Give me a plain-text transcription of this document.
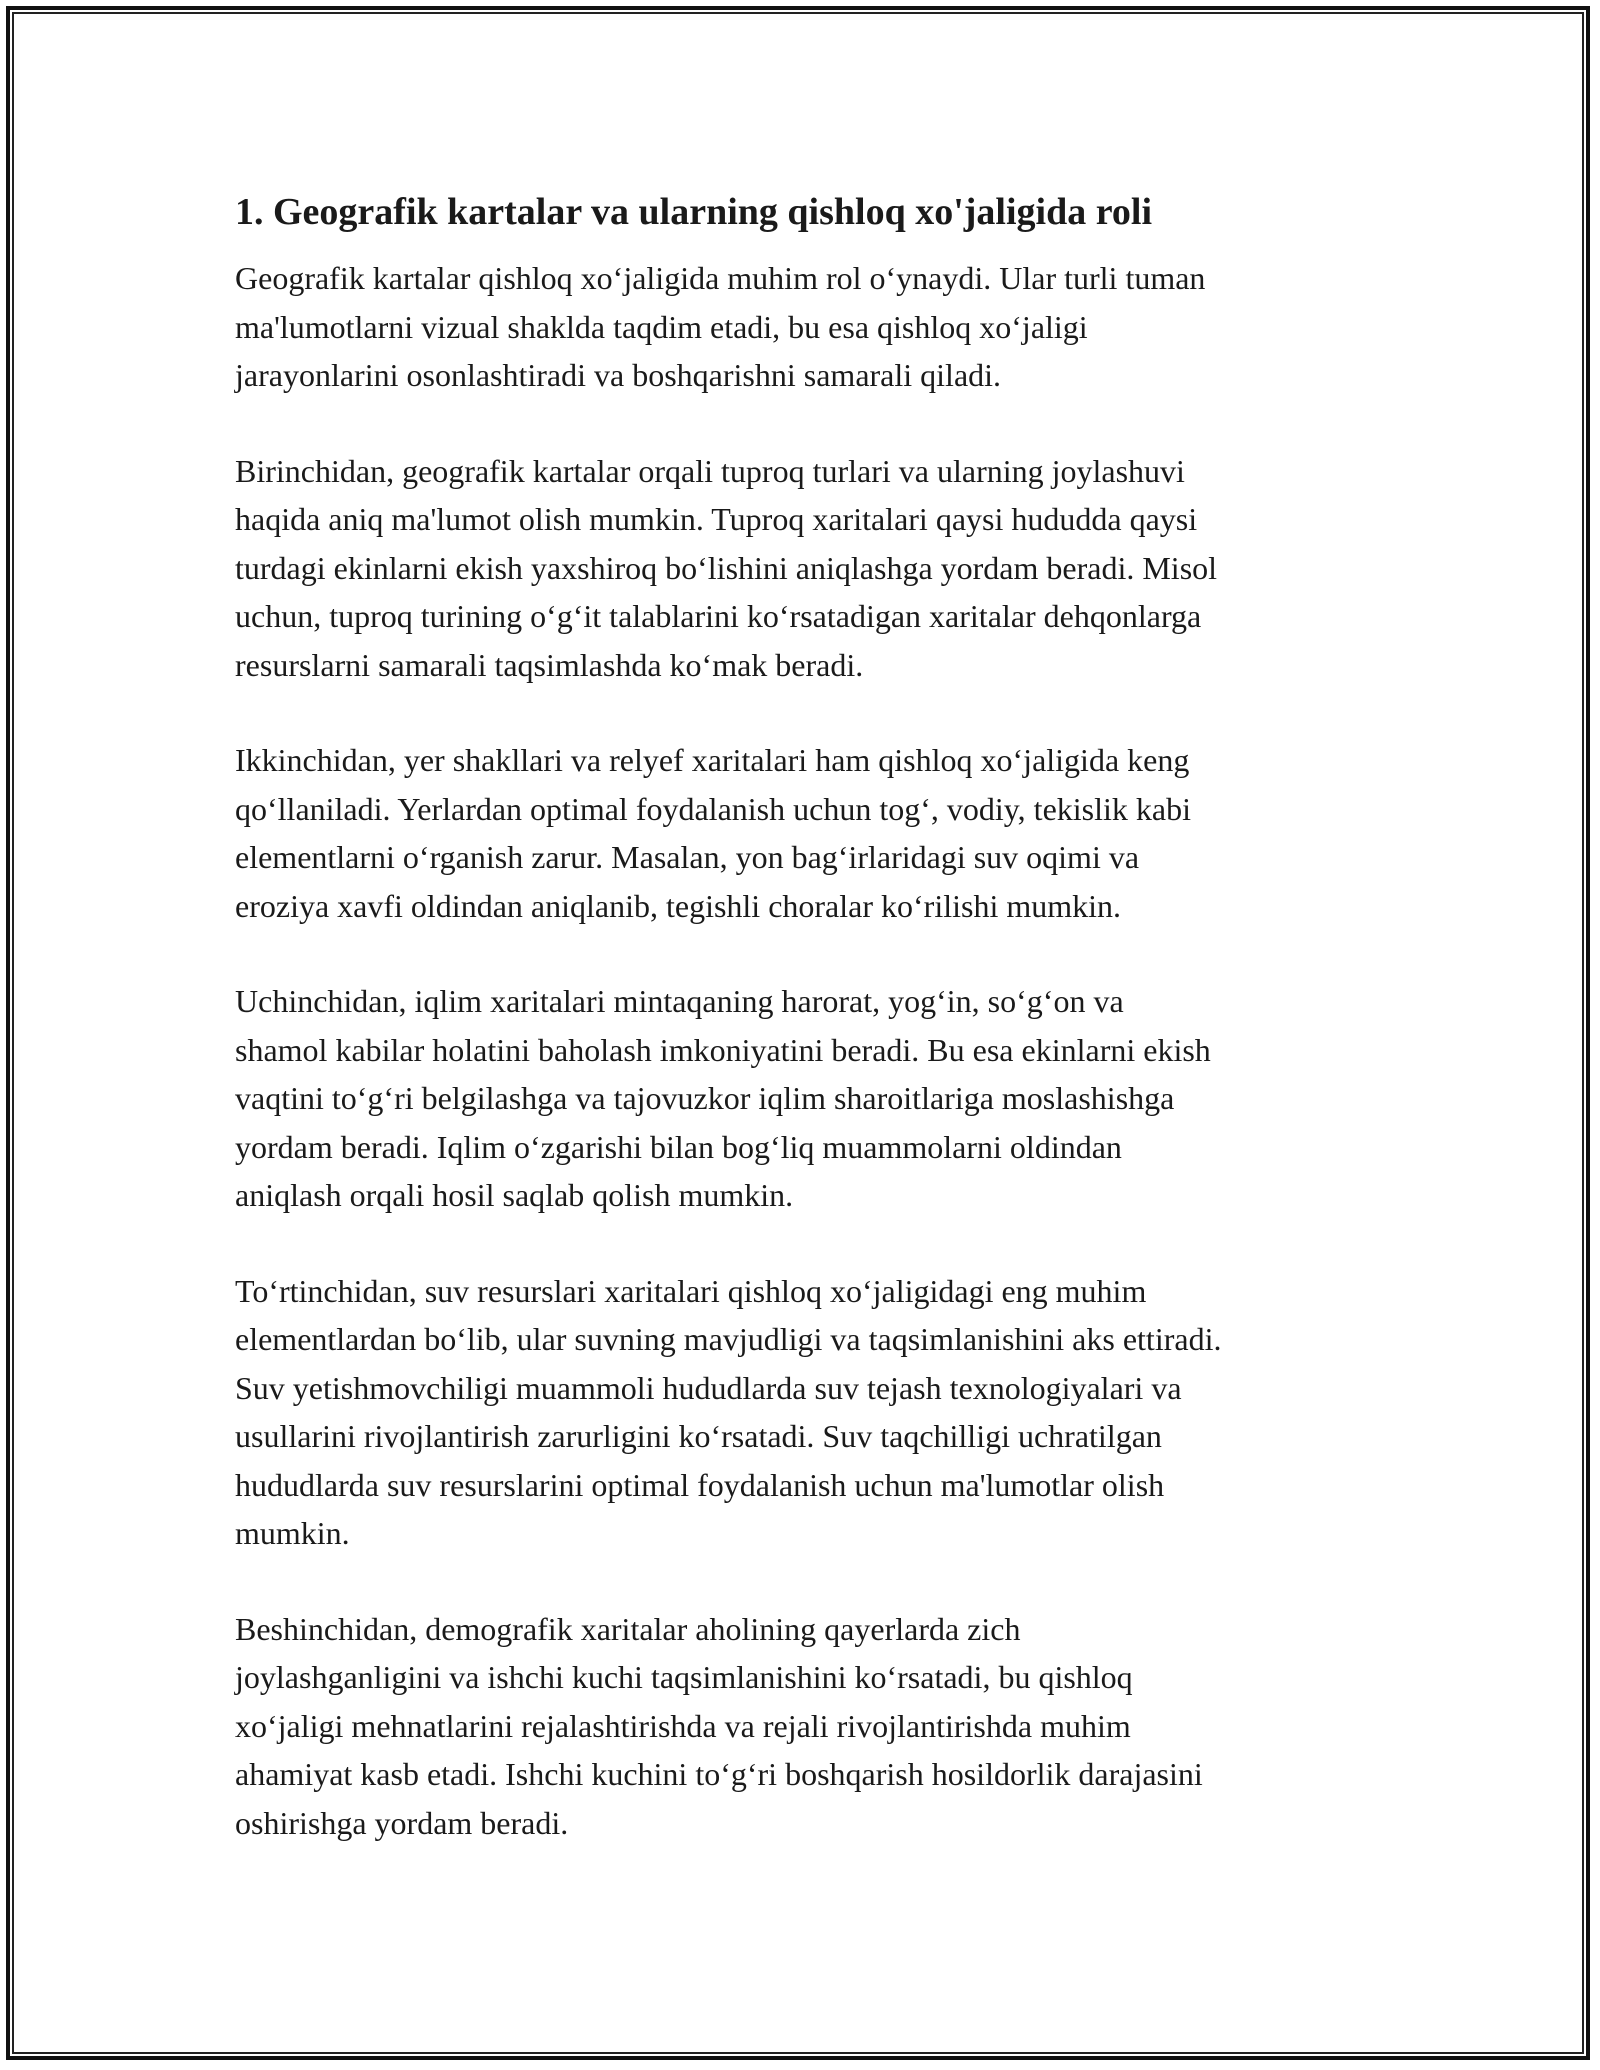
1. Geografik kartalar va ularning qishloq xo'jaligida roli

Geografik kartalar qishloq xo‘jaligida muhim rol o‘ynaydi. Ular turli tuman
ma'lumotlarni vizual shaklda taqdim etadi, bu esa qishloq xo‘jaligi
jarayonlarini osonlashtiradi va boshqarishni samarali qiladi.

Birinchidan, geografik kartalar orqali tuproq turlari va ularning joylashuvi
haqida aniq ma'lumot olish mumkin. Tuproq xaritalari qaysi hududda qaysi
turdagi ekinlarni ekish yaxshiroq bo‘lishini aniqlashga yordam beradi. Misol
uchun, tuproq turining o‘g‘it talablarini ko‘rsatadigan xaritalar dehqonlarga
resurslarni samarali taqsimlashda ko‘mak beradi.

Ikkinchidan, yer shakllari va relyef xaritalari ham qishloq xo‘jaligida keng
qo‘llaniladi. Yerlardan optimal foydalanish uchun tog‘, vodiy, tekislik kabi
elementlarni o‘rganish zarur. Masalan, yon bag‘irlaridagi suv oqimi va
eroziya xavfi oldindan aniqlanib, tegishli choralar ko‘rilishi mumkin.

Uchinchidan, iqlim xaritalari mintaqaning harorat, yog‘in, so‘g‘on va
shamol kabilar holatini baholash imkoniyatini beradi. Bu esa ekinlarni ekish
vaqtini to‘g‘ri belgilashga va tajovuzkor iqlim sharoitlariga moslashishga
yordam beradi. Iqlim o‘zgarishi bilan bog‘liq muammolarni oldindan
aniqlash orqali hosil saqlab qolish mumkin.

To‘rtinchidan, suv resurslari xaritalari qishloq xo‘jaligidagi eng muhim
elementlardan bo‘lib, ular suvning mavjudligi va taqsimlanishini aks ettiradi.
Suv yetishmovchiligi muammoli hududlarda suv tejash texnologiyalari va
usullarini rivojlantirish zarurligini ko‘rsatadi. Suv taqchilligi uchratilgan
hududlarda suv resurslarini optimal foydalanish uchun ma'lumotlar olish
mumkin.

Beshinchidan, demografik xaritalar aholining qayerlarda zich
joylashganligini va ishchi kuchi taqsimlanishini ko‘rsatadi, bu qishloq
xo‘jaligi mehnatlarini rejalashtirishda va rejali rivojlantirishda muhim
ahamiyat kasb etadi. Ishchi kuchini to‘g‘ri boshqarish hosildorlik darajasini
oshirishga yordam beradi.
